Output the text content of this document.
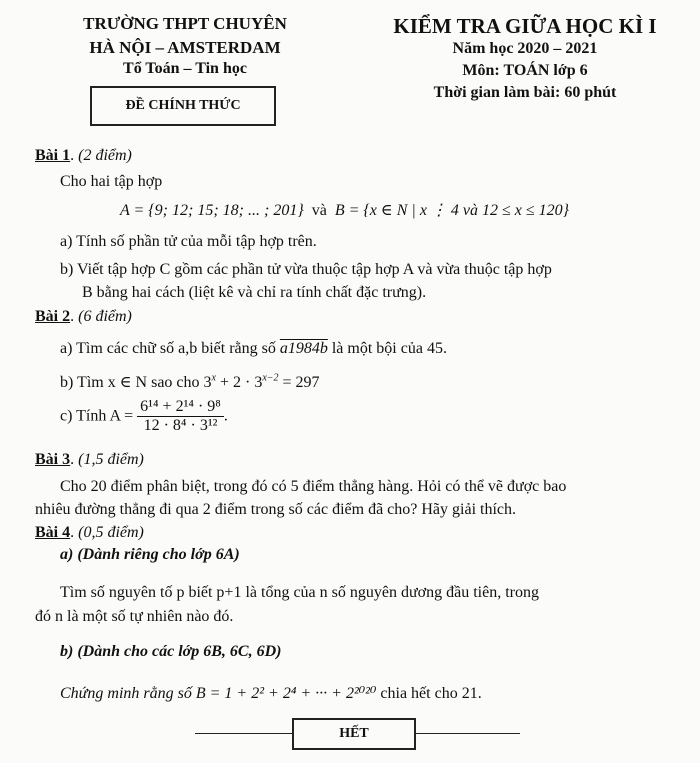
TRƯỜNG THPT CHUYÊN
HÀ NỘI – AMSTERDAM
Tổ Toán – Tin học
ĐỀ CHÍNH THỨC
KIỂM TRA GIỮA HỌC KÌ I
Năm học 2020 – 2021
Môn: TOÁN lớp 6
Thời gian làm bài: 60 phút
Bài 1. (2 điểm)
Cho hai tập hợp
A = {9; 12; 15; 18; ... ; 201} và B = {x ∈ N | x ⋮ 4 và 12 ≤ x ≤ 120}
a) Tính số phần tử của mỗi tập hợp trên.
b) Viết tập hợp C gồm các phần tử vừa thuộc tập hợp A và vừa thuộc tập hợp
B bằng hai cách (liệt kê và chỉ ra tính chất đặc trưng).
Bài 2. (6 điểm)
a) Tìm các chữ số a,b biết rằng số a1984b là một bội của 45.
b) Tìm x ∈ N sao cho $3^x + 2 \cdot 3^{x-2} = 297$
c) Tính $A = \frac{\text{6¹⁴ + 2¹⁴ · 9⁸}}{\text{12 · 8⁴ · 3¹²}}$ .
Bài 3. (1,5 điểm)
Cho 20 điểm phân biệt, trong đó có 5 điểm thẳng hàng. Hỏi có thể vẽ được bao
nhiêu đường thẳng đi qua 2 điểm trong số các điểm đã cho? Hãy giải thích.
Bài 4. (0,5 điểm)
a) (Dành riêng cho lớp 6A)
Tìm số nguyên tố p biết p+1 là tổng của n số nguyên dương đầu tiên, trong
đó n là một số tự nhiên nào đó.
b) (Dành cho các lớp 6B, 6C, 6D)
Chứng minh rằng số B = 1 + 2² + 2⁴ + ··· + 2²⁰²⁰ chia hết cho 21.
HẾT
